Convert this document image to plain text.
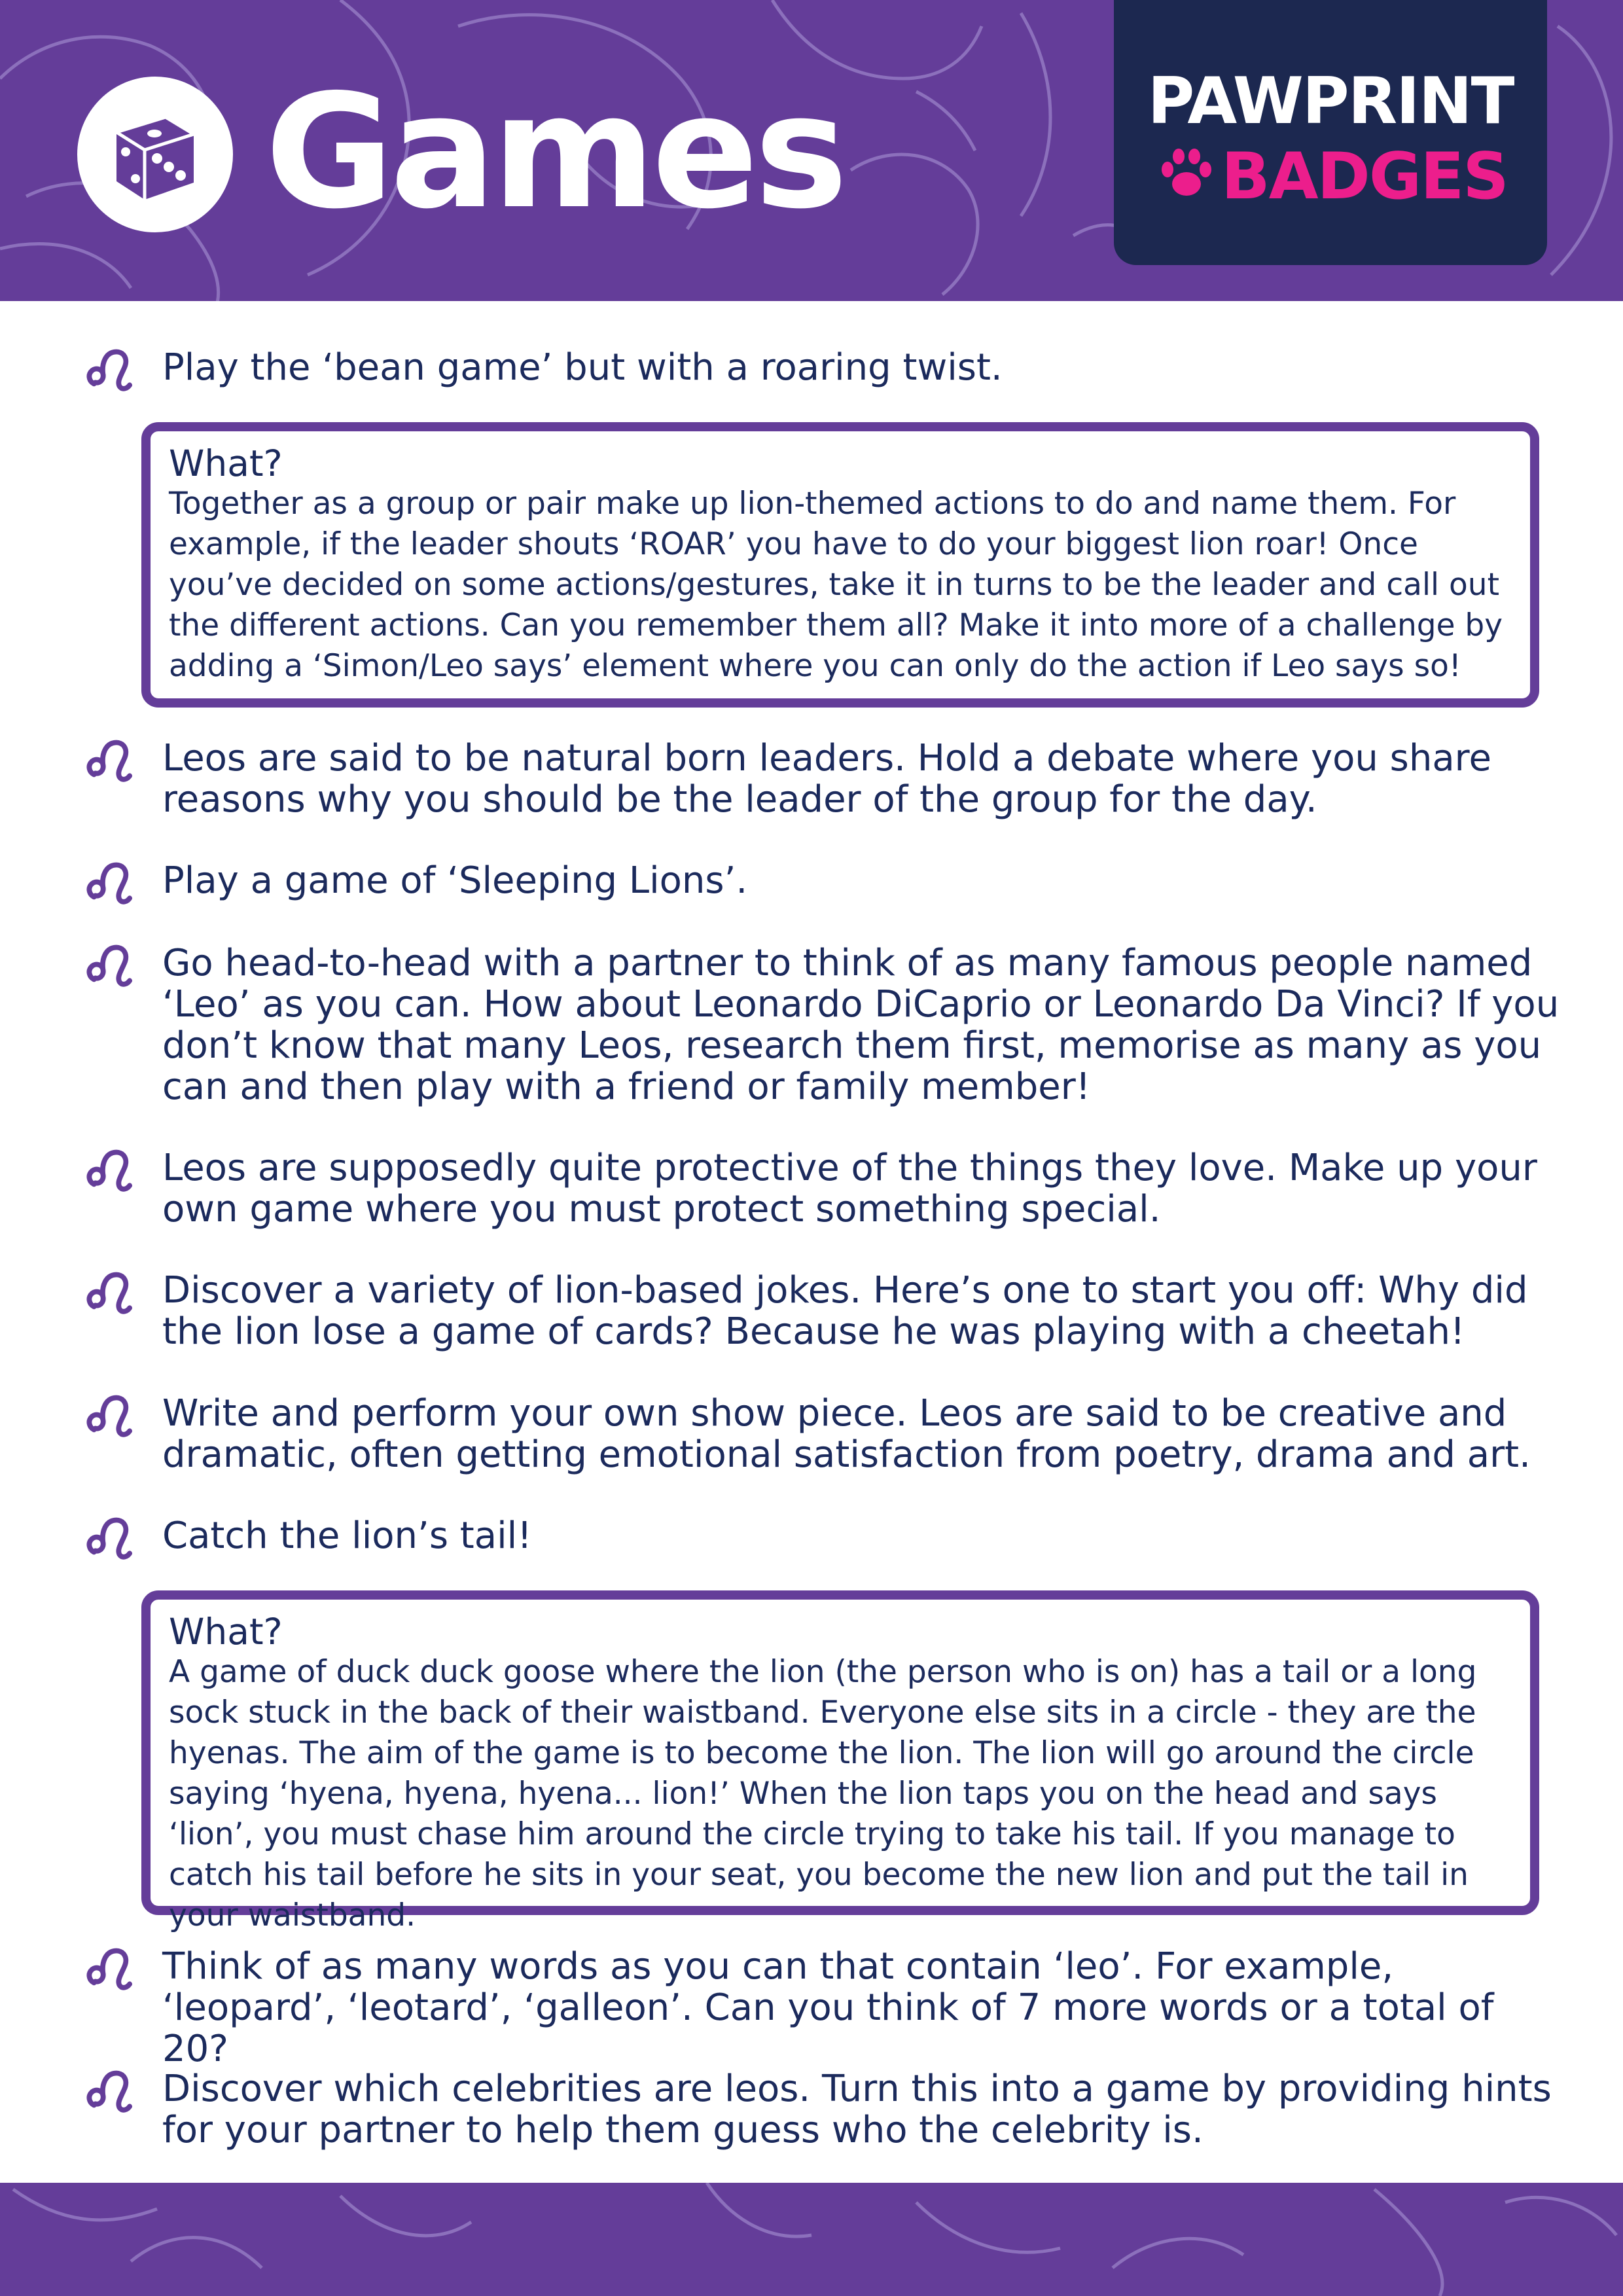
Games	PAWPRINT
BADGES
Play the ‘bean game’ but with a roaring twist.
What?
Together as a group or pair make up lion-themed actions to do and name them. For example, if the leader shouts ‘ROAR’ you have to do your biggest lion roar! Once you’ve decided on some actions/gestures, take it in turns to be the leader and call out the different actions. Can you remember them all? Make it into more of a challenge by adding a ‘Simon/Leo says’ element where you can only do the action if Leo says so!
Leos are said to be natural born leaders. Hold a debate where you share reasons why you should be the leader of the group for the day.
Play a game of ‘Sleeping Lions’.
Go head-to-head with a partner to think of as many famous people named ‘Leo’ as you can. How about Leonardo DiCaprio or Leonardo Da Vinci? If you don’t know that many Leos, research them first, memorise as many as you can and then play with a friend or family member!
Leos are supposedly quite protective of the things they love. Make up your own game where you must protect something special.
Discover a variety of lion-based jokes. Here’s one to start you off: Why did the lion lose a game of cards? Because he was playing with a cheetah!
Write and perform your own show piece. Leos are said to be creative and dramatic, often getting emotional satisfaction from poetry, drama and art.
Catch the lion’s tail!
What?
A game of duck duck goose where the lion (the person who is on) has a tail or a long sock stuck in the back of their waistband. Everyone else sits in a circle - they are the hyenas. The aim of the game is to become the lion. The lion will go around the circle saying ‘hyena, hyena, hyena... lion!’ When the lion taps you on the head and says ‘lion’, you must chase him around the circle trying to take his tail. If you manage to catch his tail before he sits in your seat, you become the new lion and put the tail in your waistband.
Think of as many words as you can that contain ‘leo’. For example, ‘leopard’, ‘leotard’, ‘galleon’. Can you think of 7 more words or a total of 20?
Discover which celebrities are leos. Turn this into a game by providing hints for your partner to help them guess who the celebrity is.
